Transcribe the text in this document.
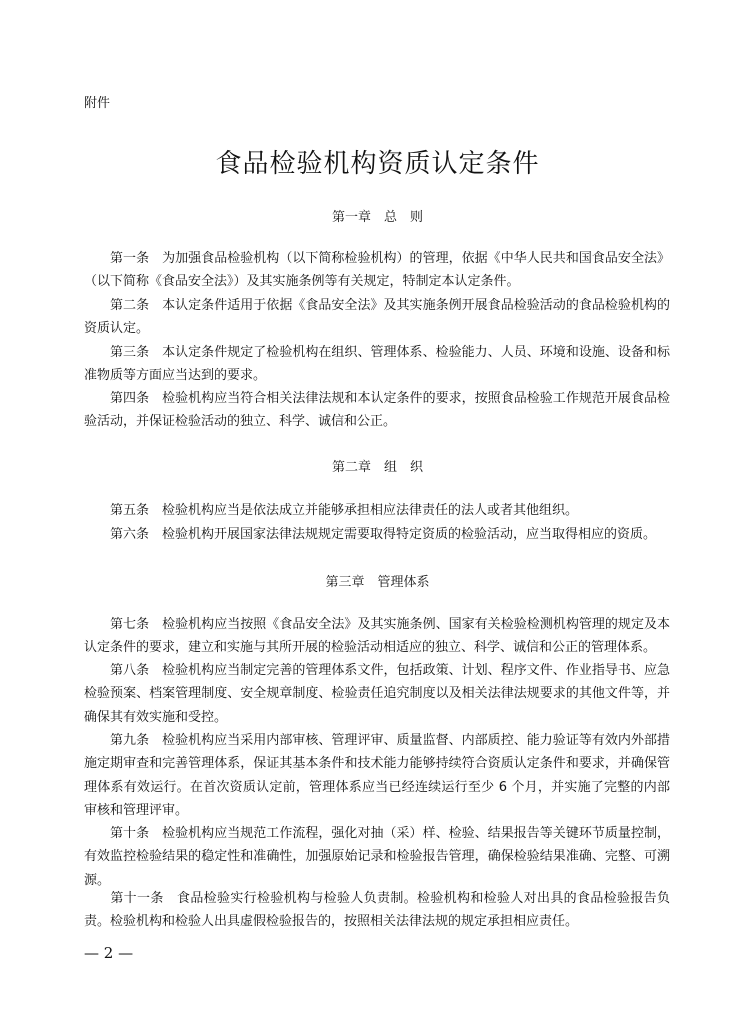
附件
食品检验机构资质认定条件
第一章　总　则
第一条　为加强食品检验机构（以下简称检验机构）的管理，依据《中华人民共和国食品安全法》（以下简称《食品安全法》）及其实施条例等有关规定，特制定本认定条件。
第二条　本认定条件适用于依据《食品安全法》及其实施条例开展食品检验活动的食品检验机构的资质认定。
第三条　本认定条件规定了检验机构在组织、管理体系、检验能力、人员、环境和设施、设备和标准物质等方面应当达到的要求。
第四条　检验机构应当符合相关法律法规和本认定条件的要求，按照食品检验工作规范开展食品检验活动，并保证检验活动的独立、科学、诚信和公正。
第二章　组　织
第五条　检验机构应当是依法成立并能够承担相应法律责任的法人或者其他组织。
第六条　检验机构开展国家法律法规规定需要取得特定资质的检验活动，应当取得相应的资质。
第三章　管理体系
第七条　检验机构应当按照《食品安全法》及其实施条例、国家有关检验检测机构管理的规定及本认定条件的要求，建立和实施与其所开展的检验活动相适应的独立、科学、诚信和公正的管理体系。
第八条　检验机构应当制定完善的管理体系文件，包括政策、计划、程序文件、作业指导书、应急检验预案、档案管理制度、安全规章制度、检验责任追究制度以及相关法律法规要求的其他文件等，并确保其有效实施和受控。
第九条　检验机构应当采用内部审核、管理评审、质量监督、内部质控、能力验证等有效内外部措施定期审查和完善管理体系，保证其基本条件和技术能力能够持续符合资质认定条件和要求，并确保管理体系有效运行。在首次资质认定前，管理体系应当已经连续运行至少 6 个月，并实施了完整的内部审核和管理评审。
第十条　检验机构应当规范工作流程，强化对抽（采）样、检验、结果报告等关键环节质量控制，有效监控检验结果的稳定性和准确性，加强原始记录和检验报告管理，确保检验结果准确、完整、可溯源。
第十一条　食品检验实行检验机构与检验人负责制。检验机构和检验人对出具的食品检验报告负责。检验机构和检验人出具虚假检验报告的，按照相关法律法规的规定承担相应责任。
— 2 —
